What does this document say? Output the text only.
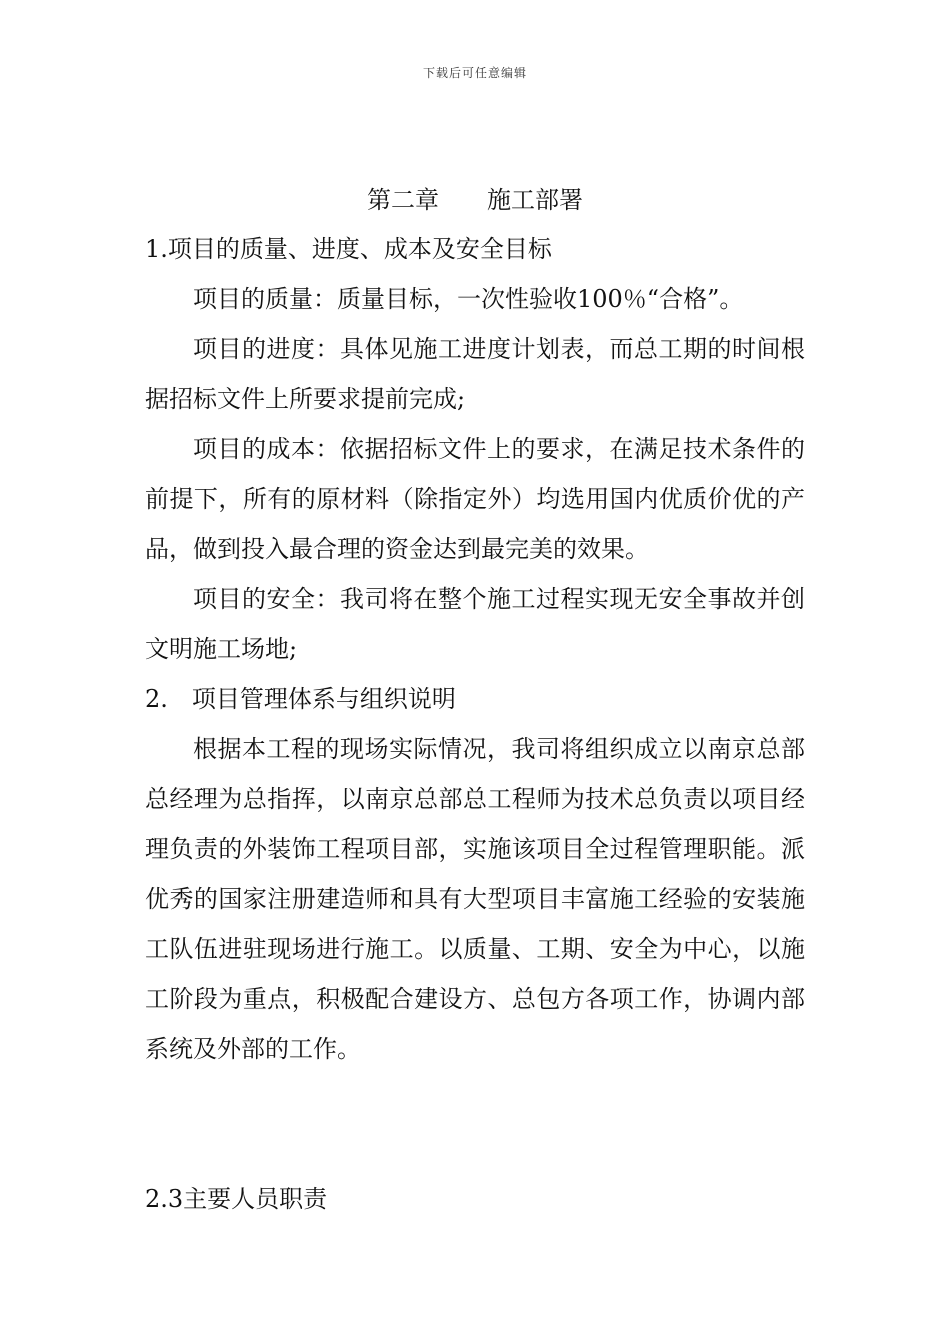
下载后可任意编辑
第二章　　施工部署

1.项目的质量、进度、成本及安全目标

项目的质量：质量目标，一次性验收100％“合格”。

项目的进度：具体见施工进度计划表，而总工期的时间根据招标文件上所要求提前完成;

项目的成本：依据招标文件上的要求，在满足技术条件的前提下，所有的原材料（除指定外）均选用国内优质价优的产品，做到投入最合理的资金达到最完美的效果。

项目的安全：我司将在整个施工过程实现无安全事故并创文明施工场地;

2.　项目管理体系与组织说明

根据本工程的现场实际情况，我司将组织成立以南京总部总经理为总指挥，以南京总部总工程师为技术总负责以项目经理负责的外装饰工程项目部，实施该项目全过程管理职能。派优秀的国家注册建造师和具有大型项目丰富施工经验的安装施工队伍进驻现场进行施工。以质量、工期、安全为中心，以施工阶段为重点，积极配合建设方、总包方各项工作，协调内部系统及外部的工作。

2.3主要人员职责
